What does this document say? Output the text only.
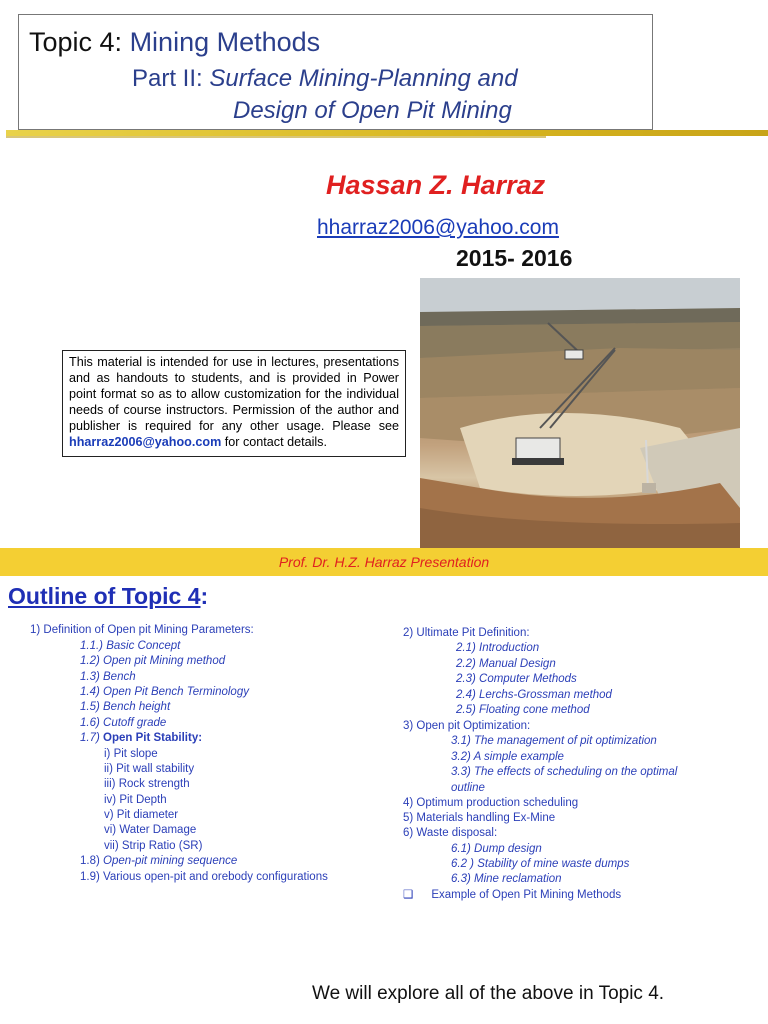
Topic 4: Mining Methods
Part II: Surface Mining-Planning and
Design of Open Pit Mining
Hassan Z. Harraz
hharraz2006@yahoo.com
2015- 2016
This material is intended for use in lectures, presentations and as handouts to students, and is provided in Power point format so as to allow customization for the individual needs of course instructors. Permission of the author and publisher is required for any other usage. Please see hharraz2006@yahoo.com for contact details.
Prof. Dr. H.Z. Harraz Presentation
Outline of Topic 4:
1) Definition of Open pit Mining Parameters:
1.1.) Basic Concept
1.2) Open pit Mining method
1.3) Bench
1.4) Open Pit Bench Terminology
1.5) Bench height
1.6) Cutoff grade
1.7) Open Pit Stability:
i) Pit slope
ii) Pit wall stability
iii) Rock strength
iv) Pit Depth
v) Pit diameter
vi) Water Damage
vii) Strip Ratio (SR)
1.8) Open-pit mining sequence
1.9) Various open-pit and orebody configurations
2) Ultimate Pit Definition:
2.1) Introduction
2.2) Manual Design
2.3) Computer Methods
2.4) Lerchs-Grossman method
2.5) Floating cone method
3) Open pit Optimization:
3.1) The management of pit optimization
3.2) A simple example
3.3) The effects of scheduling on the optimal
outline
4) Optimum production scheduling
5) Materials handling Ex-Mine
6) Waste disposal:
6.1) Dump design
6.2 ) Stability of mine waste dumps
6.3) Mine reclamation
❑ Example of Open Pit Mining Methods
We will explore all of the above in Topic 4.
